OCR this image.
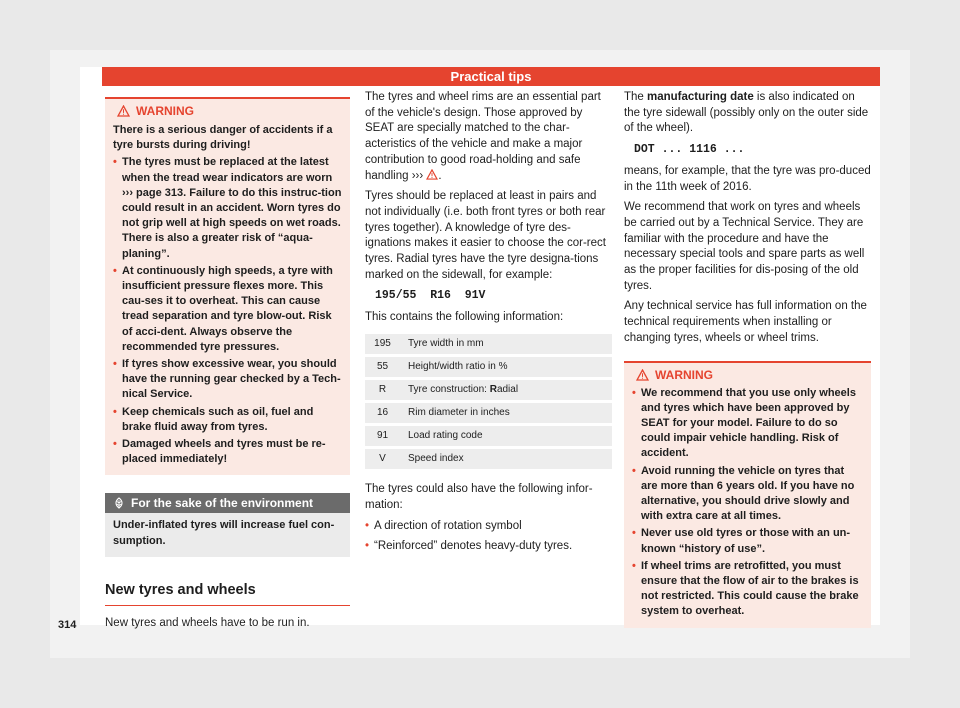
Practical tips
WARNING

There is a serious danger of accidents if a tyre bursts during driving!

• The tyres must be replaced at the latest when the tread wear indicators are worn ››› page 313. Failure to do this instruc-tion could result in an accident. Worn tyres do not grip well at high speeds on wet roads. There is also a greater risk of “aqua-planing”.
• At continuously high speeds, a tyre with insufficient pressure flexes more. This cau-ses it to overheat. This can cause tread separation and tyre blow-out. Risk of acci-dent. Always observe the recommended tyre pressures.
• If tyres show excessive wear, you should have the running gear checked by a Tech-nical Service.
• Keep chemicals such as oil, fuel and brake fluid away from tyres.
• Damaged wheels and tyres must be re-placed immediately!
For the sake of the environment
Under-inflated tyres will increase fuel con-sumption.
New tyres and wheels

New tyres and wheels have to be run in.

The tyres and wheel rims are an essential part of the vehicle's design. Those approved by SEAT are specially matched to the char-acteristics of the vehicle and make a major contribution to good road-holding and safe handling ››› .

Tyres should be replaced at least in pairs and not individually (i.e. both front tyres or both rear tyres together). A knowledge of tyre des-ignations makes it easier to choose the cor-rect tyres. Radial tyres have the tyre designa-tions marked on the sidewall, for example:

195/55  R16  91V

This contains the following information:

195	Tyre width in mm
55	Height/width ratio in %
R	Tyre construction: Radial
16	Rim diameter in inches
91	Load rating code
V	Speed index

The tyres could also have the following infor-mation:

• A direction of rotation symbol
• “Reinforced” denotes heavy-duty tyres.

The manufacturing date is also indicated on the tyre sidewall (possibly only on the outer side of the wheel).

DOT ... 1116 ...

means, for example, that the tyre was pro-duced in the 11th week of 2016.

We recommend that work on tyres and wheels be carried out by a Technical Service. They are familiar with the procedure and have the necessary special tools and spare parts as well as the proper facilities for dis-posing of the old tyres.

Any technical service has full information on the technical requirements when installing or changing tyres, wheels or wheel trims.

WARNING
• We recommend that you use only wheels and tyres which have been approved by SEAT for your model. Failure to do so could impair vehicle handling. Risk of accident.
• Avoid running the vehicle on tyres that are more than 6 years old. If you have no alternative, you should drive slowly and with extra care at all times.
• Never use old tyres or those with an un-known “history of use”.
• If wheel trims are retrofitted, you must ensure that the flow of air to the brakes is not restricted. This could cause the brake system to overheat.
314
